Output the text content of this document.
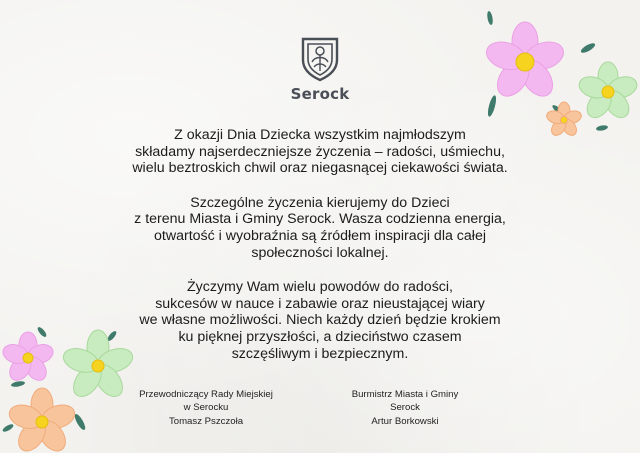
Serock

Z okazji Dnia Dziecka wszystkim najmłodszym
składamy najserdeczniejsze życzenia – radości, uśmiechu,
wielu beztroskich chwil oraz niegasnącej ciekawości świata.

Szczególne życzenia kierujemy do Dzieci
z terenu Miasta i Gminy Serock. Wasza codzienna energia,
otwartość i wyobraźnia są źródłem inspiracji dla całej
społeczności lokalnej.

Życzymy Wam wielu powodów do radości,
sukcesów w nauce i zabawie oraz nieustającej wiary
we własne możliwości. Niech każdy dzień będzie krokiem
ku pięknej przyszłości, a dzieciństwo czasem
szczęśliwym i bezpiecznym.

Przewodniczący Rady Miejskiej
w Serocku
Tomasz Pszczoła
Burmistrz Miasta i Gminy
Serock
Artur Borkowski
